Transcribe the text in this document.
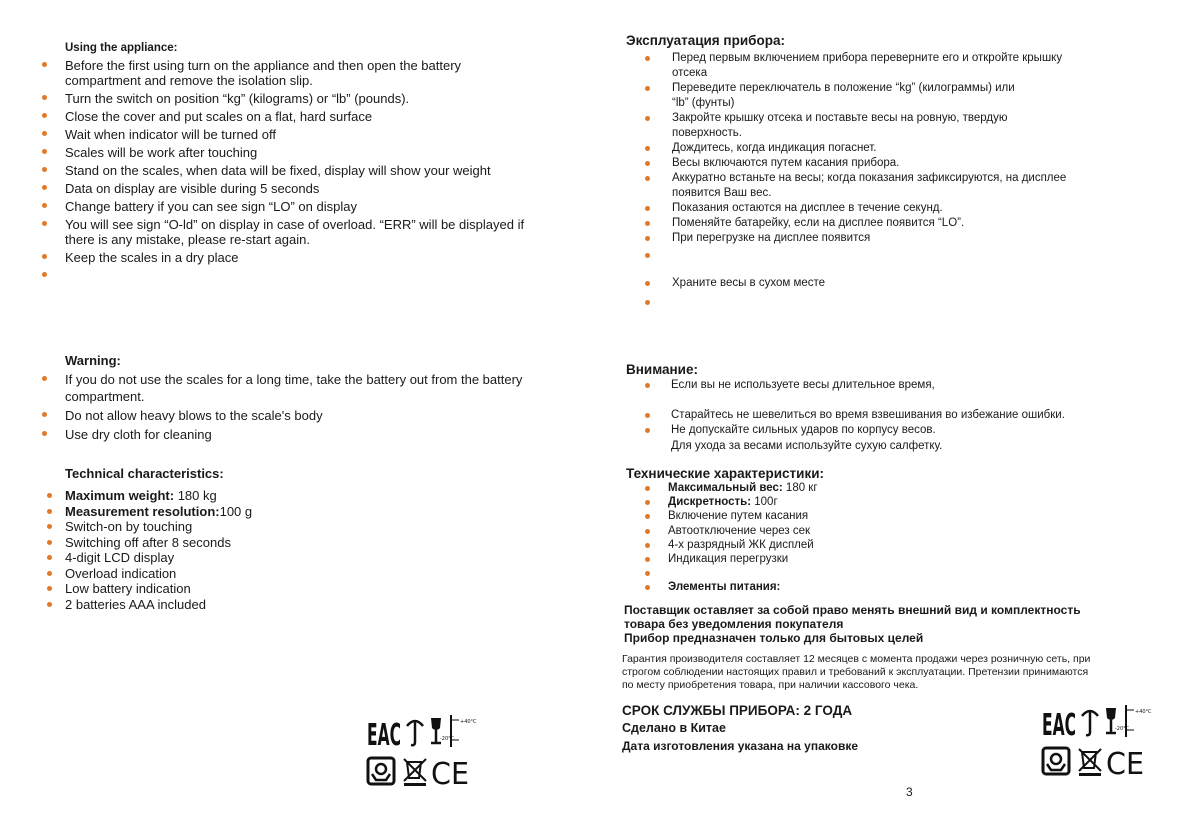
Using the appliance:
Before the first using turn on the appliance and then open the battery
compartment and remove the isolation slip.
Turn the switch on position “kg” (kilograms) or “lb” (pounds).
Close the cover and put scales on a flat, hard surface
Wait when indicator will be turned off
Scales will be work after touching
Stand on the scales, when data will be fixed, display will show your weight
Data on display are visible during 5 seconds
Change battery if you can see sign “LO” on display
You will see sign “O-ld” on display in case of overload. “ERR” will be displayed if
there is any mistake, please re-start again.
Keep the scales in a dry place
Warning:
If you do not use the scales for a long time, take the battery out from the battery
compartment.
Do not allow heavy blows to the scale's body
Use dry cloth for cleaning
Technical characteristics:
Maximum weight: 180 kg
Measurement resolution:100 g
Switch-on by touching
Switching off after 8 seconds
4-digit LCD display
Overload indication
Low battery indication
2 batteries AAA included
EAC	+40°C
-20°C
CE
Эксплуатация прибора:
Перед первым включением прибора переверните его и откройте крышку
отсека
Переведите переключатель в положение “kg” (килограммы) или
“lb” (фунты)
Закройте крышку отсека и поставьте весы на ровную, твердую
поверхность.
Дождитесь, когда индикация погаснет.
Весы включаются путем касания прибора.
Аккуратно встаньте на весы; когда показания зафиксируются, на дисплее
появится Ваш вес.
Показания остаются на дисплее в течение секунд.
Поменяйте батарейку, если на дисплее появится “LO”.
При перегрузке на дисплее появится
Храните весы в сухом месте
Внимание:
Если вы не используете весы длительное время,
Старайтесь не шевелиться во время взвешивания во избежание ошибки.
Не допускайте сильных ударов по корпусу весов.
Для ухода за весами используйте сухую салфетку.
Технические характеристики:
Максимальный вес: 180 кг
Дискретность: 100г
Включение путем касания
Автоотключение через сек
4-х разрядный ЖК дисплей
Индикация перегрузки
Элементы питания:
Поставщик оставляет за собой право менять внешний вид и комплектность
товара без уведомления покупателя
Прибор предназначен только для бытовых целей
Гарантия производителя составляет 12 месяцев с момента продажи через розничную сеть, при
строгом соблюдении настоящих правил и требований к эксплуатации. Претензии принимаются
по месту приобретения товара, при наличии кассового чека.
СРОК СЛУЖБЫ ПРИБОРА: 2 ГОДА
Сделано в Китае
Дата изготовления указана на упаковке
EAC	+40°C
-20°C
CE
3
